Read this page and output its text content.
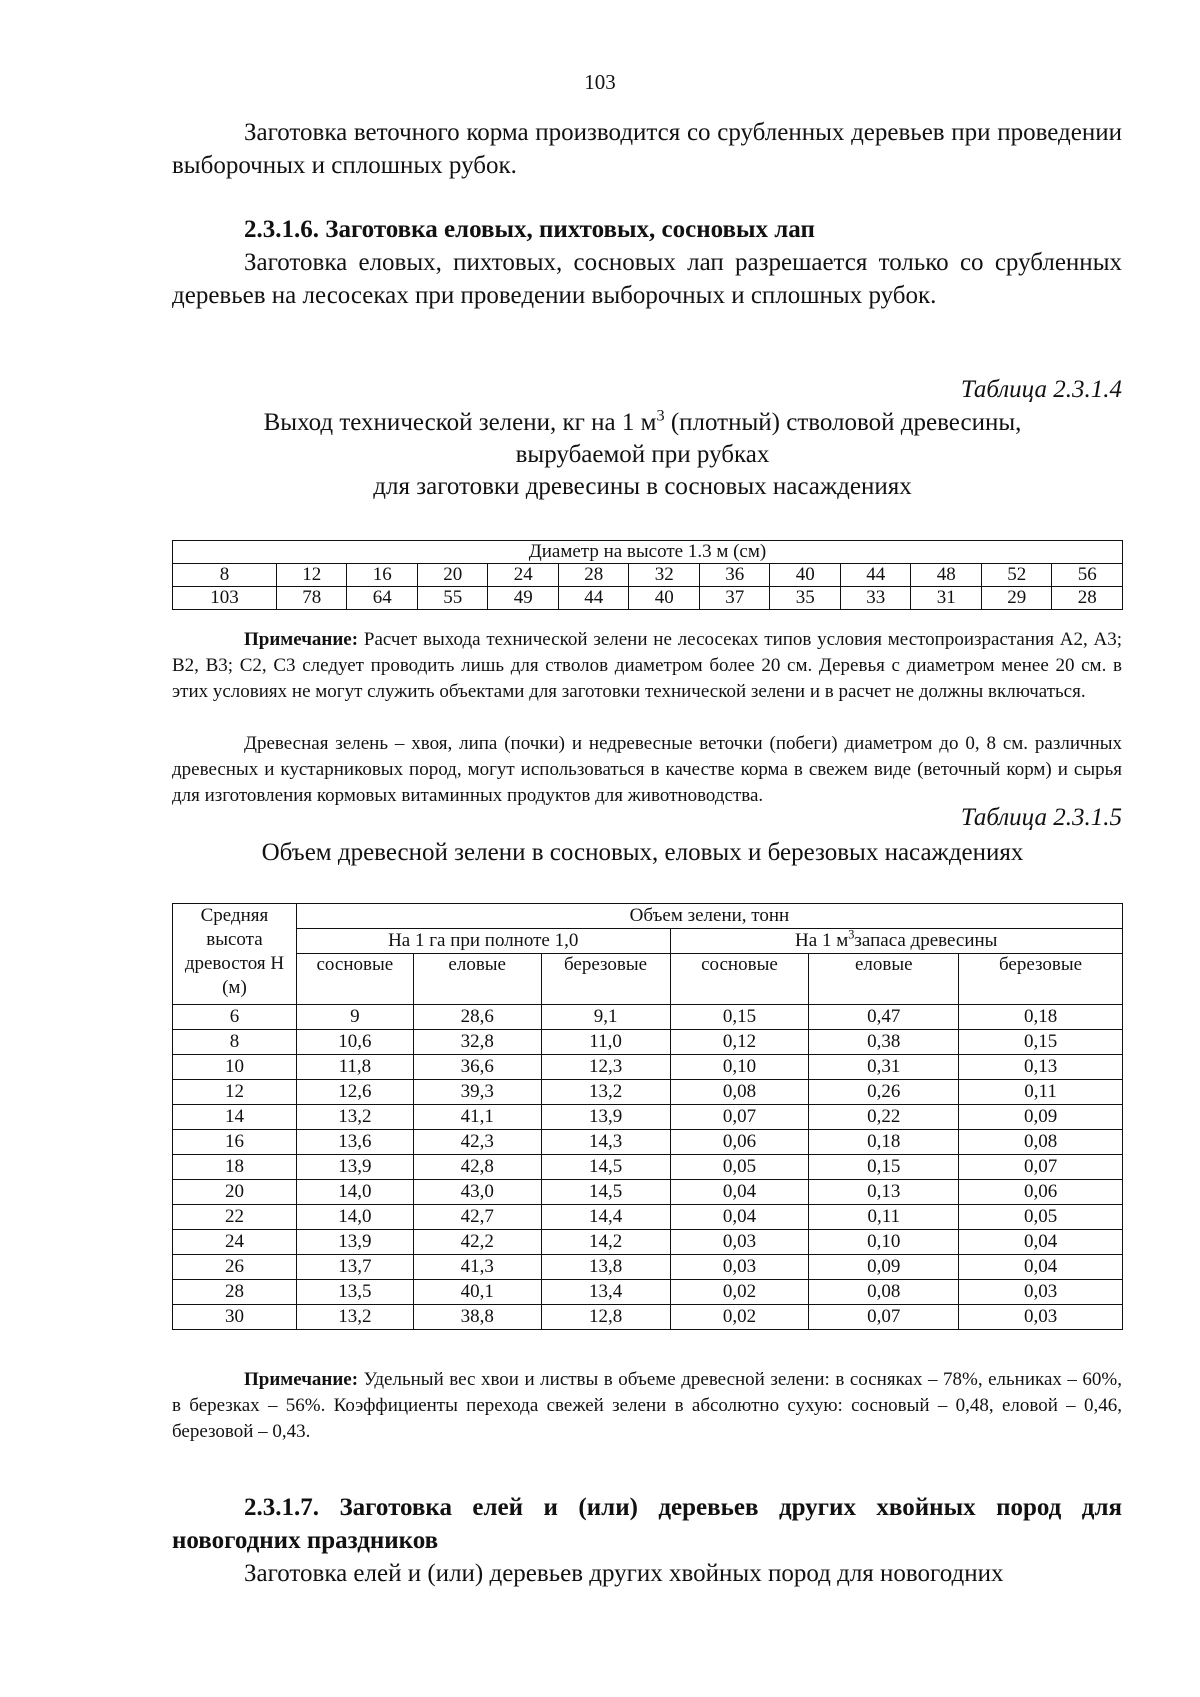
103

Заготовка веточного корма производится со срубленных деревьев при проведении выборочных и сплошных рубок.

2.3.1.6. Заготовка еловых, пихтовых, сосновых лап

Заготовка еловых, пихтовых, сосновых лап разрешается только со срубленных деревьев на лесосеках при проведении выборочных и сплошных рубок.

Таблица 2.3.1.4
Выход технической зелени, кг на 1 $м^3$ (плотный) стволовой древесины,
вырубаемой при рубках
для заготовки древесины в сосновых насаждениях
Диаметр на высоте 1.3 м (см)												
8	12	16	20	24	28	32	36	40	44	48	52	56
103	78	64	55	49	44	40	37	35	33	31	29	28

Примечание: Расчет выхода технической зелени не лесосеках типов условия местопроизрастания А2, А3; В2, В3; С2, С3 следует проводить лишь для стволов диаметром более 20 см. Деревья с диаметром менее 20 см. в этих условиях не могут служить объектами для заготовки технической зелени и в расчет не должны включаться.

Древесная зелень – хвоя, липа (почки) и недревесные веточки (побеги) диаметром до 0, 8 см. различных древесных и кустарниковых пород, могут использоваться в качестве корма в свежем виде (веточный корм) и сырья для изготовления кормовых витаминных продуктов для животноводства.

Таблица 2.3.1.5
Объем древесной зелени в сосновых, еловых и березовых насаждениях
Средняя высота древостоя Н (м)	Объем зелени, тонн					
	На 1 га при полноте 1,0			На 1 $м^3запаса$ древесины		
	сосновые	еловые	березовые	сосновые	еловые	березовые
6	9	28,6	9,1	0,15	0,47	0,18
8	10,6	32,8	11,0	0,12	0,38	0,15
10	11,8	36,6	12,3	0,10	0,31	0,13
12	12,6	39,3	13,2	0,08	0,26	0,11
14	13,2	41,1	13,9	0,07	0,22	0,09
16	13,6	42,3	14,3	0,06	0,18	0,08
18	13,9	42,8	14,5	0,05	0,15	0,07
20	14,0	43,0	14,5	0,04	0,13	0,06
22	14,0	42,7	14,4	0,04	0,11	0,05
24	13,9	42,2	14,2	0,03	0,10	0,04
26	13,7	41,3	13,8	0,03	0,09	0,04
28	13,5	40,1	13,4	0,02	0,08	0,03
30	13,2	38,8	12,8	0,02	0,07	0,03

Примечание: Удельный вес хвои и листвы в объеме древесной зелени: в сосняках – 78%, ельниках – 60%, в березках – 56%. Коэффициенты перехода свежей зелени в абсолютно сухую: сосновый – 0,48, еловой – 0,46, березовой – 0,43.

2.3.1.7. Заготовка елей и (или) деревьев других хвойных пород для новогодних праздников

Заготовка елей и (или) деревьев других хвойных пород для новогодних
